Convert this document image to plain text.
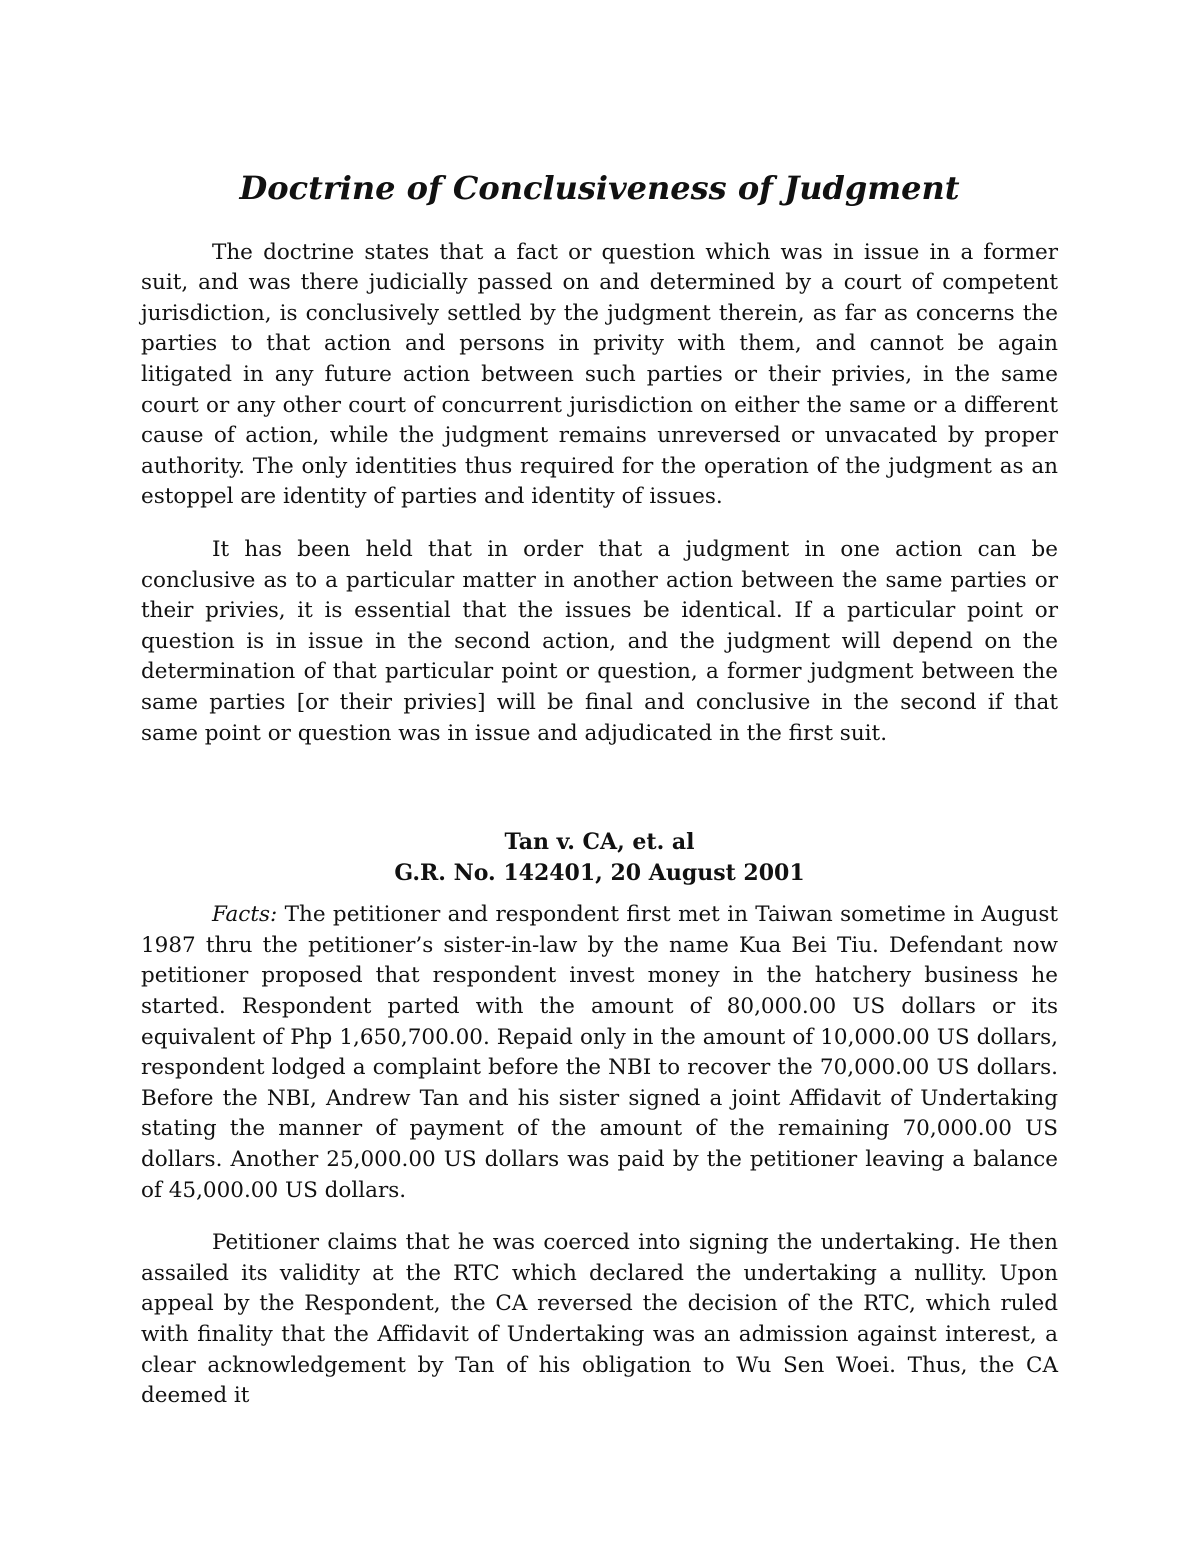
Doctrine of Conclusiveness of Judgment

The doctrine states that a fact or question which was in issue in a former suit, and was there judicially passed on and determined by a court of competent jurisdiction, is conclusively settled by the judgment therein, as far as concerns the parties to that action and persons in privity with them, and cannot be again litigated in any future action between such parties or their privies, in the same court or any other court of concurrent jurisdiction on either the same or a different cause of action, while the judgment remains unreversed or unvacated by proper authority. The only identities thus required for the operation of the judgment as an estoppel are identity of parties and identity of issues.

It has been held that in order that a judgment in one action can be conclusive as to a particular matter in another action between the same parties or their privies, it is essential that the issues be identical. If a particular point or question is in issue in the second action, and the judgment will depend on the determination of that particular point or question, a former judgment between the same parties [or their privies] will be final and conclusive in the second if that same point or question was in issue and adjudicated in the first suit.

Tan v. CA, et. al
G.R. No. 142401, 20 August 2001

Facts: The petitioner and respondent first met in Taiwan sometime in August 1987 thru the petitioner’s sister-in-law by the name Kua Bei Tiu. Defendant now petitioner proposed that respondent invest money in the hatchery business he started. Respondent parted with the amount of 80,000.00 US dollars or its equivalent of Php 1,650,700.00. Repaid only in the amount of 10,000.00 US dollars, respondent lodged a complaint before the NBI to recover the 70,000.00 US dollars. Before the NBI, Andrew Tan and his sister signed a joint Affidavit of Undertaking stating the manner of payment of the amount of the remaining 70,000.00 US dollars. Another 25,000.00 US dollars was paid by the petitioner leaving a balance of 45,000.00 US dollars.

Petitioner claims that he was coerced into signing the undertaking. He then assailed its validity at the RTC which declared the undertaking a nullity. Upon appeal by the Respondent, the CA reversed the decision of the RTC, which ruled with finality that the Affidavit of Undertaking was an admission against interest, a clear acknowledgement by Tan of his obligation to Wu Sen Woei. Thus, the CA deemed it
